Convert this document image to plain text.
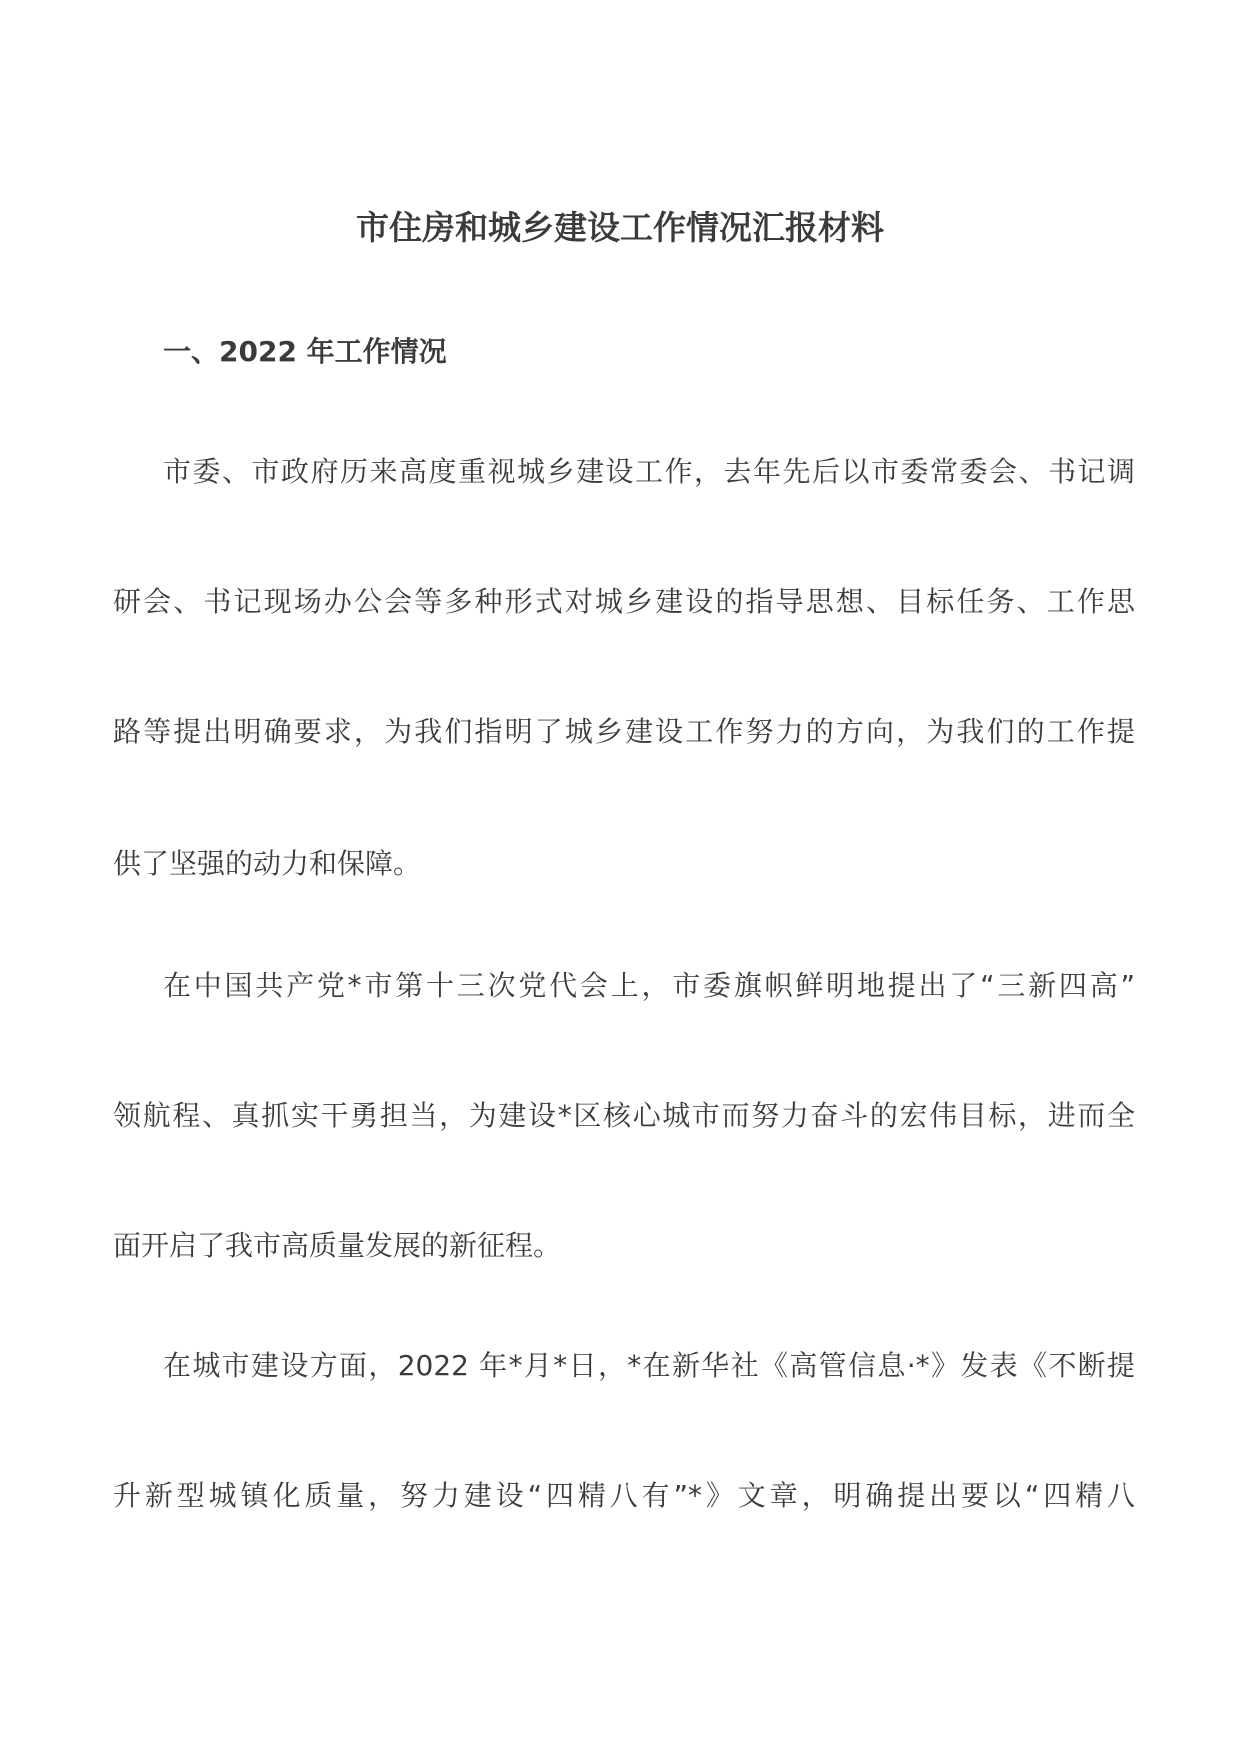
市住房和城乡建设工作情况汇报材料
一、2022 年工作情况

市委、市政府历来高度重视城乡建设工作，去年先后以市委常委会、书记调

研会、书记现场办公会等多种形式对城乡建设的指导思想、目标任务、工作思

路等提出明确要求，为我们指明了城乡建设工作努力的方向，为我们的工作提

供了坚强的动力和保障。

在中国共产党*市第十三次党代会上，市委旗帜鲜明地提出了“三新四高”

领航程、真抓实干勇担当，为建设*区核心城市而努力奋斗的宏伟目标，进而全

面开启了我市高质量发展的新征程。

在城市建设方面，2022 年*月*日，*在新华社《高管信息·*》发表《不断提

升新型城镇化质量，努力建设“四精八有”*》文章，明确提出要以“四精八
